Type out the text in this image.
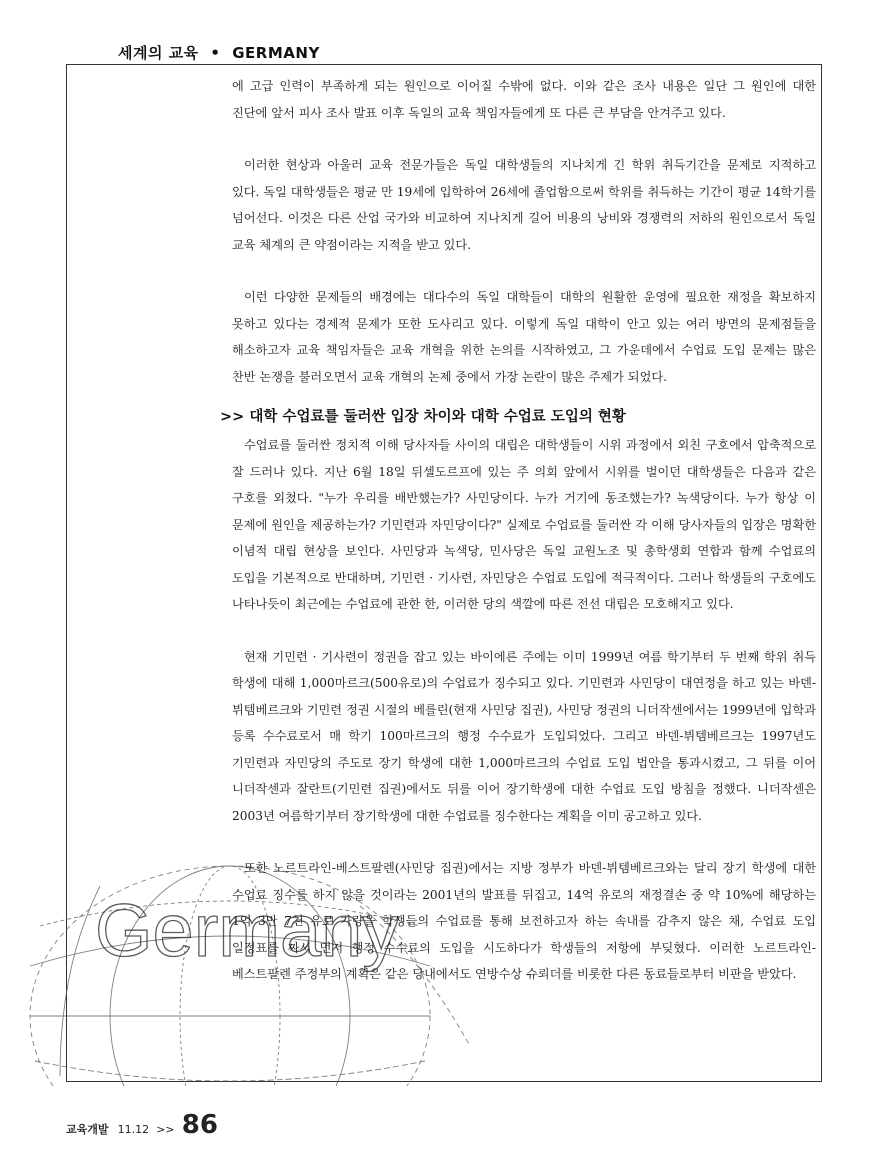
세계의 교육 • GERMANY
Germany

에 고급 인력이 부족하게 되는 원인으로 이어질 수밖에 없다. 이와 같은 조사 내용은 일단 그 원인에 대한 진단에 앞서 피사 조사 발표 이후 독일의 교육 책임자들에게 또 다른 큰 부담을 안겨주고 있다.

이러한 현상과 아울러 교육 전문가들은 독일 대학생들의 지나치게 긴 학위 취득기간을 문제로 지적하고 있다. 독일 대학생들은 평균 만 19세에 입학하여 26세에 졸업함으로써 학위를 취득하는 기간이 평균 14학기를 넘어선다. 이것은 다른 산업 국가와 비교하여 지나치게 길어 비용의 낭비와 경쟁력의 저하의 원인으로서 독일 교육 체계의 큰 약점이라는 지적을 받고 있다.

이런 다양한 문제들의 배경에는 대다수의 독일 대학들이 대학의 원활한 운영에 필요한 재정을 확보하지 못하고 있다는 경제적 문제가 또한 도사리고 있다. 이렇게 독일 대학이 안고 있는 여러 방면의 문제점들을 해소하고자 교육 책임자들은 교육 개혁을 위한 논의를 시작하였고, 그 가운데에서 수업료 도입 문제는 많은 찬반 논쟁을 불러오면서 교육 개혁의 논제 중에서 가장 논란이 많은 주제가 되었다.

>> 대학 수업료를 둘러싼 입장 차이와 대학 수업료 도입의 현황

수업료를 둘러싼 정치적 이해 당사자들 사이의 대립은 대학생들이 시위 과정에서 외친 구호에서 압축적으로 잘 드러나 있다. 지난 6월 18일 뒤셀도르프에 있는 주 의회 앞에서 시위를 벌이던 대학생들은 다음과 같은 구호를 외쳤다. "누가 우리를 배반했는가? 사민당이다. 누가 거기에 동조했는가? 녹색당이다. 누가 항상 이 문제에 원인을 제공하는가? 기민련과 자민당이다?" 실제로 수업료를 둘러싼 각 이해 당사자들의 입장은 명확한 이념적 대립 현상을 보인다. 사민당과 녹색당, 민사당은 독일 교원노조 및 총학생회 연합과 함께 수업료의 도입을 기본적으로 반대하며, 기민련 · 기사련, 자민당은 수업료 도입에 적극적이다. 그러나 학생들의 구호에도 나타나듯이 최근에는 수업료에 관한 한, 이러한 당의 색깔에 따른 전선 대립은 모호해지고 있다.

현재 기민련 · 기사련이 정권을 잡고 있는 바이에른 주에는 이미 1999년 여름 학기부터 두 번째 학위 취득 학생에 대해 1,000마르크(500유로)의 수업료가 징수되고 있다. 기민련과 사민당이 대연정을 하고 있는 바덴-뷔템베르크와 기민련 정권 시절의 베를린(현재 사민당 집권), 사민당 정권의 니더작센에서는 1999년에 입학과 등록 수수료로서 매 학기 100마르크의 행정 수수료가 도입되었다. 그리고 바덴-뷔템베르크는 1997년도 기민련과 자민당의 주도로 장기 학생에 대한 1,000마르크의 수업료 도입 법안을 통과시켰고, 그 뒤를 이어 니더작센과 잘란트(기민련 집권)에서도 뒤를 이어 장기학생에 대한 수업료 도입 방침을 정했다. 니더작센은 2003년 여름학기부터 장기학생에 대한 수업료를 징수한다는 계획을 이미 공고하고 있다.

또한 노르트라인-베스트팔렌(사민당 집권)에서는 지방 정부가 바덴-뷔템베르크와는 달리 장기 학생에 대한 수업료 징수를 하지 않을 것이라는 2001년의 발표를 뒤집고, 14억 유로의 재정결손 중 약 10%에 해당하는 1억 3만 7천 유로 가량을 학생들의 수업료를 통해 보전하고자 하는 속내를 감추지 않은 채, 수업료 도입 일정표를 짜서 먼저 행정 수수료의 도입을 시도하다가 학생들의 저항에 부딪혔다. 이러한 노르트라인-베스트팔렌 주정부의 계획은 같은 당내에서도 연방수상 슈뢰더를 비롯한 다른 동료들로부터 비판을 받았다.

교육개발 11.12 >> 86
